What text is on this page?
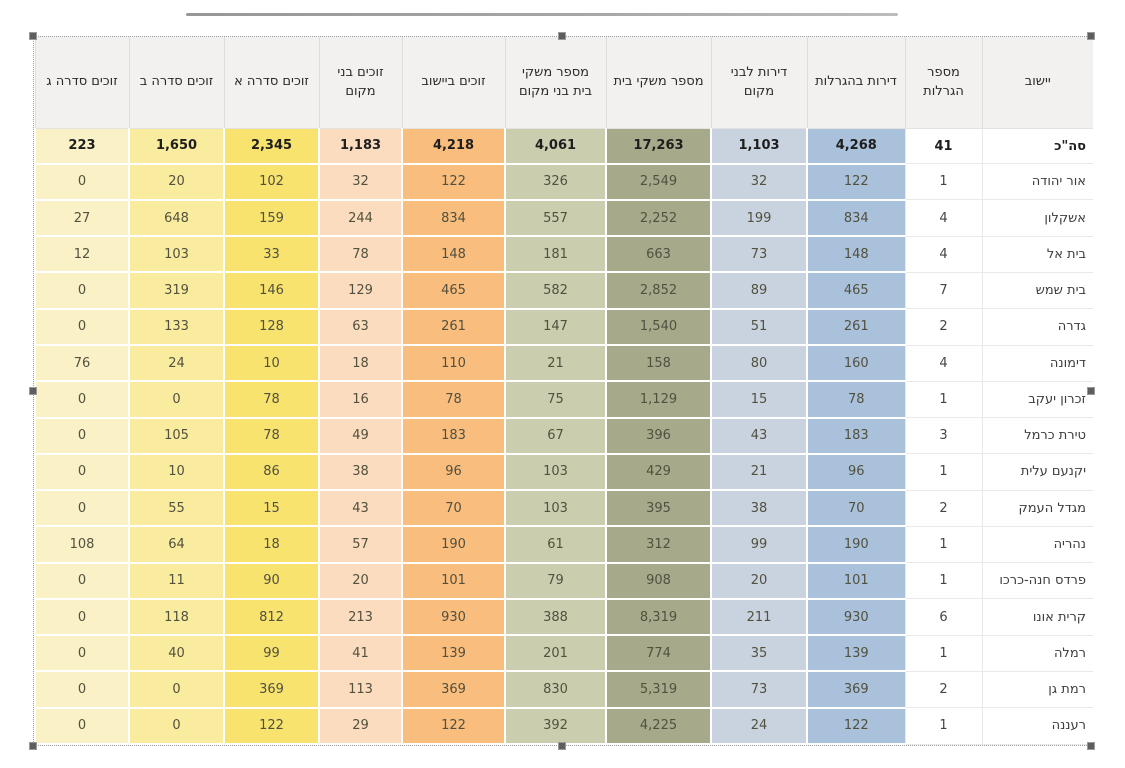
יישוב	מספר הגרלות	דירות בהגרלות	דירות לבני מקום	מספר משקי בית	מספר משקי בית בני מקום	זוכים ביישוב	זוכים בני מקום	זוכים סדרה א	זוכים סדרה ב	זוכים סדרה ג
סה"כ	41	4,268	1,103	17,263	4,061	4,218	1,183	2,345	1,650	223
אור יהודה	1	122	32	2,549	326	122	32	102	20	0
אשקלון	4	834	199	2,252	557	834	244	159	648	27
בית אל	4	148	73	663	181	148	78	33	103	12
בית שמש	7	465	89	2,852	582	465	129	146	319	0
גדרה	2	261	51	1,540	147	261	63	128	133	0
דימונה	4	160	80	158	21	110	18	10	24	76
זכרון יעקב	1	78	15	1,129	75	78	16	78	0	0
טירת כרמל	3	183	43	396	67	183	49	78	105	0
יקנעם עלית	1	96	21	429	103	96	38	86	10	0
מגדל העמק	2	70	38	395	103	70	43	15	55	0
נהריה	1	190	99	312	61	190	57	18	64	108
פרדס חנה-כרכו	1	101	20	908	79	101	20	90	11	0
קרית אונו	6	930	211	8,319	388	930	213	812	118	0
רמלה	1	139	35	774	201	139	41	99	40	0
רמת גן	2	369	73	5,319	830	369	113	369	0	0
רעננה	1	122	24	4,225	392	122	29	122	0	0
